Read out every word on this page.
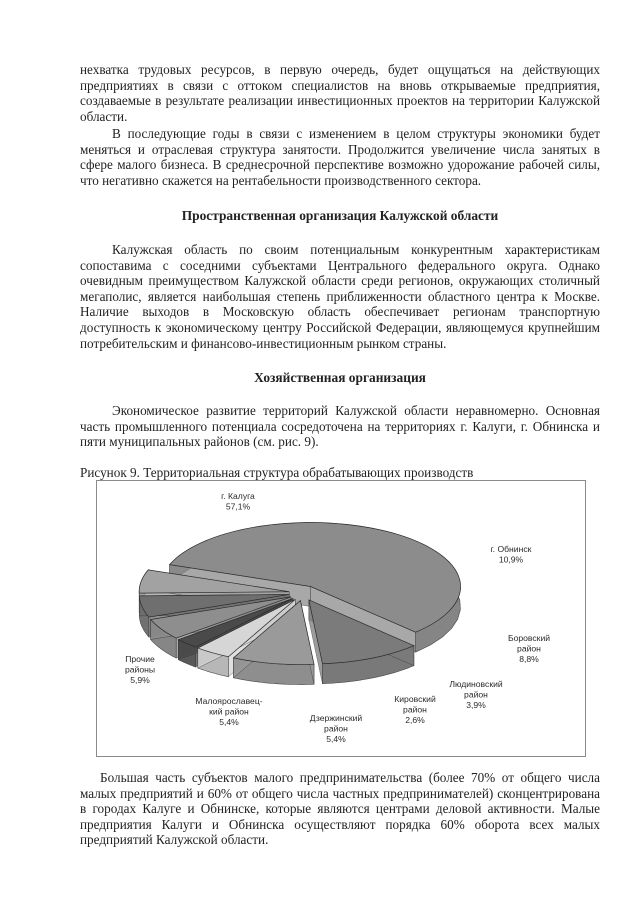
нехватка трудовых ресурсов, в первую очередь, будет ощущаться на действующих предприятиях в связи с оттоком специалистов на вновь открываемые предприятия, создаваемые в результате реализации инвестиционных проектов на территории Калужской области.

В последующие годы в связи с изменением в целом структуры экономики будет меняться и отраслевая структура занятости. Продолжится увеличение числа занятых в сфере малого бизнеса. В среднесрочной перспективе возможно удорожание рабочей силы, что негативно скажется на рентабельности производственного сектора.

Пространственная организация Калужской области

Калужская область по своим потенциальным конкурентным характеристикам сопоставима с соседними субъектами Центрального федерального округа. Однако очевидным преимуществом Калужской области среди регионов, окружающих столичный мегаполис, является наибольшая степень приближенности областного центра к Москве. Наличие выходов в Московскую область обеспечивает регионам транспортную доступность к экономическому центру Российской Федерации, являющемуся крупнейшим потребительским и финансово-инвестиционным рынком страны.

Хозяйственная организация

Экономическое развитие территорий Калужской области неравномерно. Основная часть промышленного потенциала сосредоточена на территориях г. Калуги, г. Обнинска и пяти муниципальных районов (см. рис. 9).

Рисунок 9. Территориальная структура обрабатывающих производств

г. Калуга 57,1%
г. Обнинск 10,9%
Боровский район 8,8%
Людиновский район 3,9%
Кировский район 2,6%
Дзержинский район 5,4%
Малоярославец-кий район 5,4%
Прочие районы 5,9%

Большая часть субъектов малого предпринимательства (более 70% от общего числа малых предприятий и 60% от общего числа частных предпринимателей) сконцентрирована в городах Калуге и Обнинске, которые являются центрами деловой активности. Малые предприятия Калуги и Обнинска осуществляют порядка 60% оборота всех малых предприятий Калужской области.
